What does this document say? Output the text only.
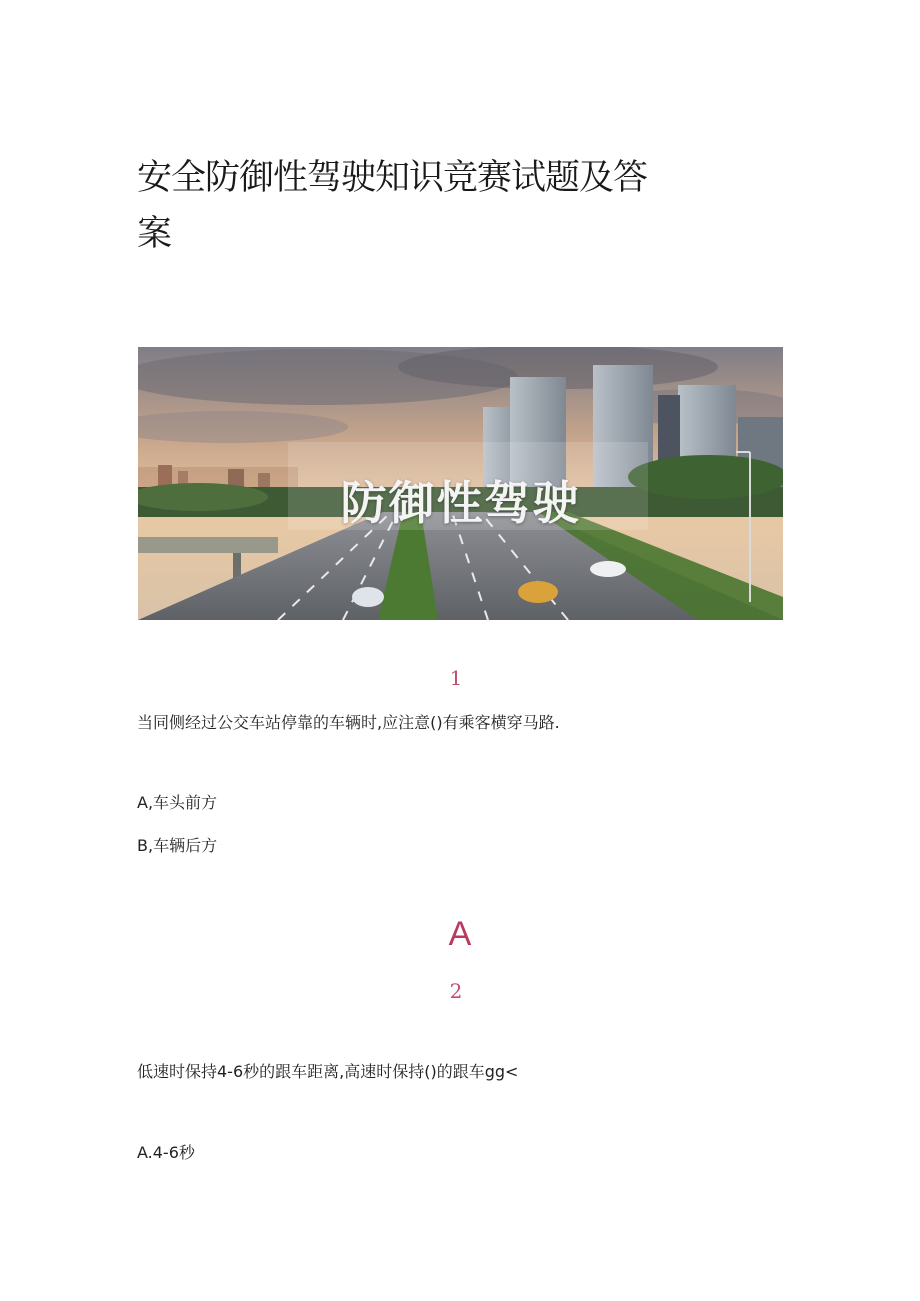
安全防御性驾驶知识竞赛试题及答案
防御性驾驶
1
当同侧经过公交车站停靠的车辆时,应注意()有乘客横穿马路.
A,车头前方
B,车辆后方
A
2
低速时保持4-6秒的跟车距离,高速时保持()的跟车gg<
A.4-6秒
